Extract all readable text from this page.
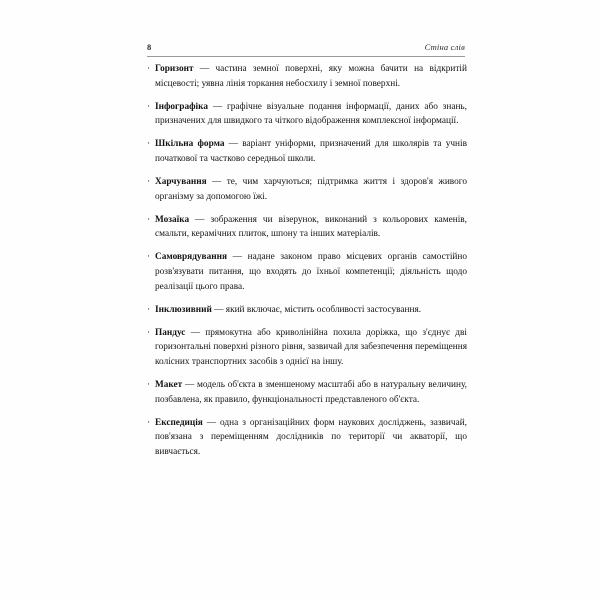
8	Стіна слів

· Горизонт — частина земної поверхні, яку можна бачити на відкритій місцевості; уявна лінія торкання небосхилу і земної поверхні.

· Інфографіка — графічне візуальне подання інформації, даних або знань, призначених для швидкого та чіткого відображення комплексної інформації.

· Шкільна форма — варіант уніформи, призначений для школярів та учнів початкової та частково середньої школи.

· Харчування — те, чим харчуються; підтримка життя і здоров'я живого організму за допомогою їжі.

· Мозаїка — зображення чи візерунок, виконаний з кольорових каменів, смальти, керамічних плиток, шпону та інших матеріалів.

· Самоврядування — надане законом право місцевих органів самостійно розв'язувати питання, що входять до їхньої компетенції; діяльність щодо реалізації цього права.

· Інклюзивний — який включає, містить особливості застосування.

· Пандус — прямокутна або криволінійна похила доріжка, що з'єднує дві горизонтальні поверхні різного рівня, зазвичай для забезпечення переміщення колісних транспортних засобів з однієї на іншу.

· Макет — модель об'єкта в зменшеному масштабі або в натуральну величину, позбавлена, як правило, функціональності представленого об'єкта.

· Експедиція — одна з організаційних форм наукових досліджень, зазвичай, пов'язана з переміщенням дослідників по території чи акваторії, що вивчається.
